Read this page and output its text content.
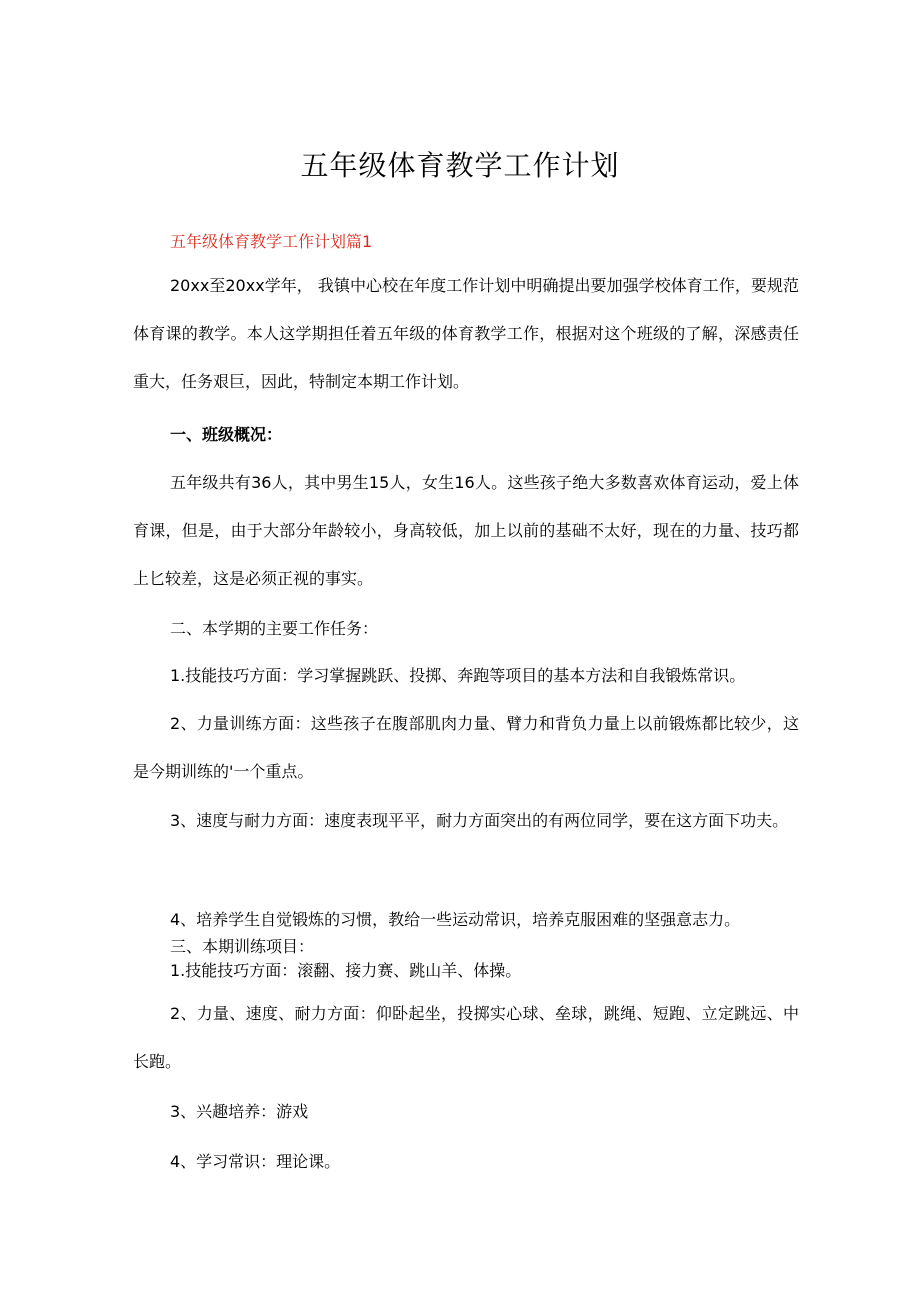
五年级体育教学工作计划
五年级体育教学工作计划篇1
20xx至20xx学年， 我镇中心校在年度工作计划中明确提出要加强学校体育工作，要规范体育课的教学。本人这学期担任着五年级的体育教学工作，根据对这个班级的了解，深感责任重大，任务艰巨，因此，特制定本期工作计划。
一、班级概况：
五年级共有36人，其中男生15人，女生16人。这些孩子绝大多数喜欢体育运动，爱上体育课，但是，由于大部分年龄较小，身高较低，加上以前的基础不太好，现在的力量、技巧都上匕较差，这是必须正视的事实。
二、本学期的主要工作任务：
1.技能技巧方面：学习掌握跳跃、投掷、奔跑等项目的基本方法和自我锻炼常识。
2、力量训练方面：这些孩子在腹部肌肉力量、臂力和背负力量上以前锻炼都比较少，这是今期训练的'一个重点。
3、速度与耐力方面：速度表现平平，耐力方面突出的有两位同学，要在这方面下功夫。
4、培养学生自觉锻炼的习惯，教给一些运动常识，培养克服困难的坚强意志力。
三、本期训练项目：
1.技能技巧方面：滚翻、接力赛、跳山羊、体操。
2、力量、速度、耐力方面：仰卧起坐，投掷实心球、垒球，跳绳、短跑、立定跳远、中长跑。
3、兴趣培养：游戏
4、学习常识：理论课。
